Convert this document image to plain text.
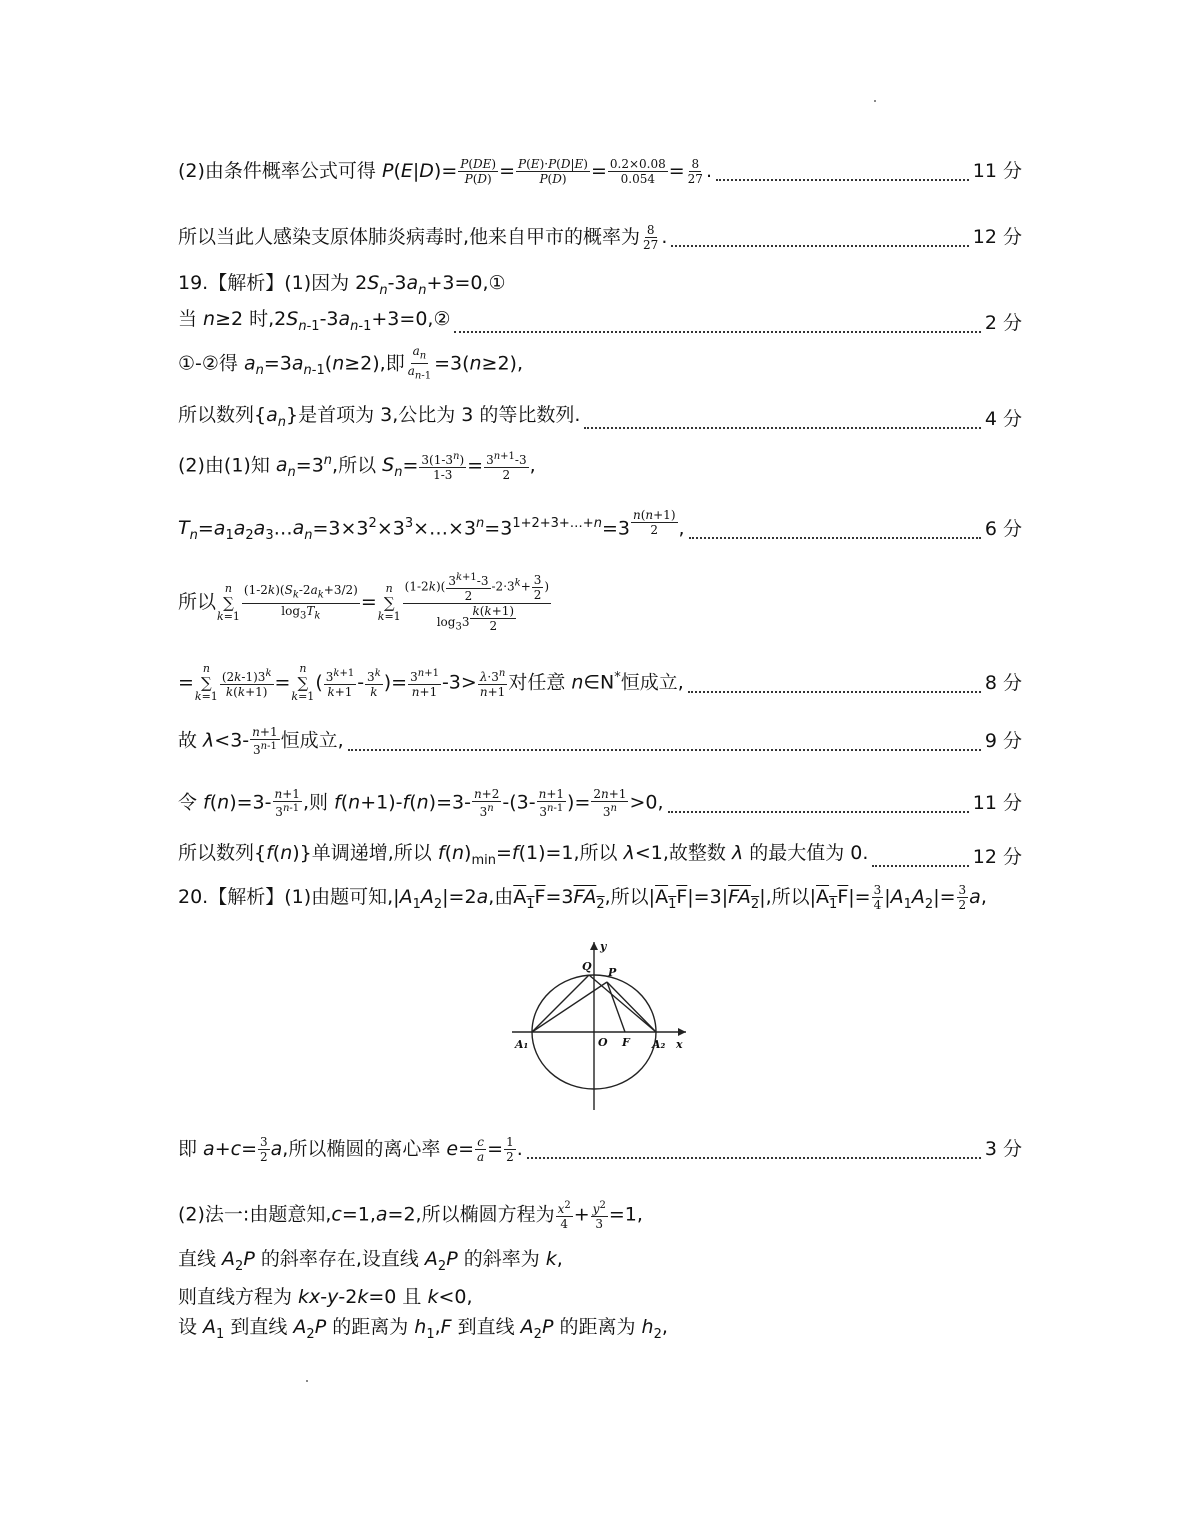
(2)由条件概率公式可得 $P(E|D)= \frac{P(DE)}{P(D)} = \frac{P(E)\cdot P(D|E)}{P(D)} = \frac{0.2\times 0.08}{0.054} = \frac{8}{27}$ .	11 分
所以当此人感染支原体肺炎病毒时,他来自甲市的概率为 $\frac{8}{27}$ .	12 分
19.【解析】(1)因为 $2S_n-3a_n+3=0,①$
当 n≥2 时$,2S_{n-1}-3a_{n-1}+3=0,②$	2 分
①-②得 $a_n=3a_{n-1}(n\ge 2)$,即 $\frac{a_n}{a_{n-1}} =3(n\ge 2)$,
所以数列$\{a_n\}$是首项为 3,公比为 3 的等比数列.	4 分
(2)由(1)知 $a_n=3^n$,所以 $S_n= \frac{3(1-3^n)}{1-3} = \frac{3^{n+1}-3}{2}$ ,
$T_n=a_1a_2a_3\dots a_n=3\times 3^2\times 3^3\times\dots\times 3^n=3^{1+2+3+\dots+n}=3$ $^{\frac{n(n+1)}{2}}$ ,	6 分
所以
n
∑
$k=1 \frac{(1-2k)(S_k-2a_k+3/2)}{\log_3T_k}$ =
n
∑
k=1 $(1-2k)( \frac{3^{k+1}-3}{2} -2\cdot 3^k+ \frac{3}{2}$ )
$\log_33$ $^{\frac{k(k+1)}{2}}$
=
n
∑
$k=1 \frac{(2k-1)3^k}{k(k+1)}$ =
n
∑
k=1
( $\frac{3^{k+1}}{k+1} - \frac{3^k}{k}$ )= $\frac{3^{n+1}}{n+1} -3> \frac{\lambda\cdot 3^n}{n+1}$ 对任意 n∈N*恒成立,	8 分
故 $\lambda<3- \frac{n+1}{3^{n-1}}$ 恒成立,	9 分
令 $f(n)=3- \frac{n+1}{3^{n-1}}$ ,则 $f(n+1)-f(n)=3- \frac{n+2}{3^n} -(3- \frac{n+1}{3^{n-1}}$ )= $\frac{2n+1}{3^n} >0$,	11 分
所以数列{f(n)}单调递增,所以 $f(n)_{min}=f(1)=1$,所以 λ<1,故整数 λ 的最大值为 0.	12 分
20.【解析】(1)由题可知$,|A_1A_2|=2a$,由$A_1F=3FA_2$,所以$|A_1F|=3|FA_2|$,所以$|A_1F|= \frac{3}{4} |A_1A_2|= \frac{3}{2} a$,
A₁	O F A₂ x
y
Q P
即 $a+c= \frac{3}{2} a$,所以椭圆的离心率 $e= \frac{c}{a} = \frac{1}{2}$ .	3 分
(2)法一:由题意知,c=1,a=2,所以椭圆方程为 $\frac{x^2}{4} + \frac{y^2}{3} =1$,
直线 $A_2P$ 的斜率存在,设直线 $A_2P$ 的斜率为 k,
则直线方程为 kx-y-2k=0 且 k<0,
设 $A_1$ 到直线 $A_2P$ 的距离为 $h_1,F$ 到直线 $A_2P$ 的距离为 $h_2$,
